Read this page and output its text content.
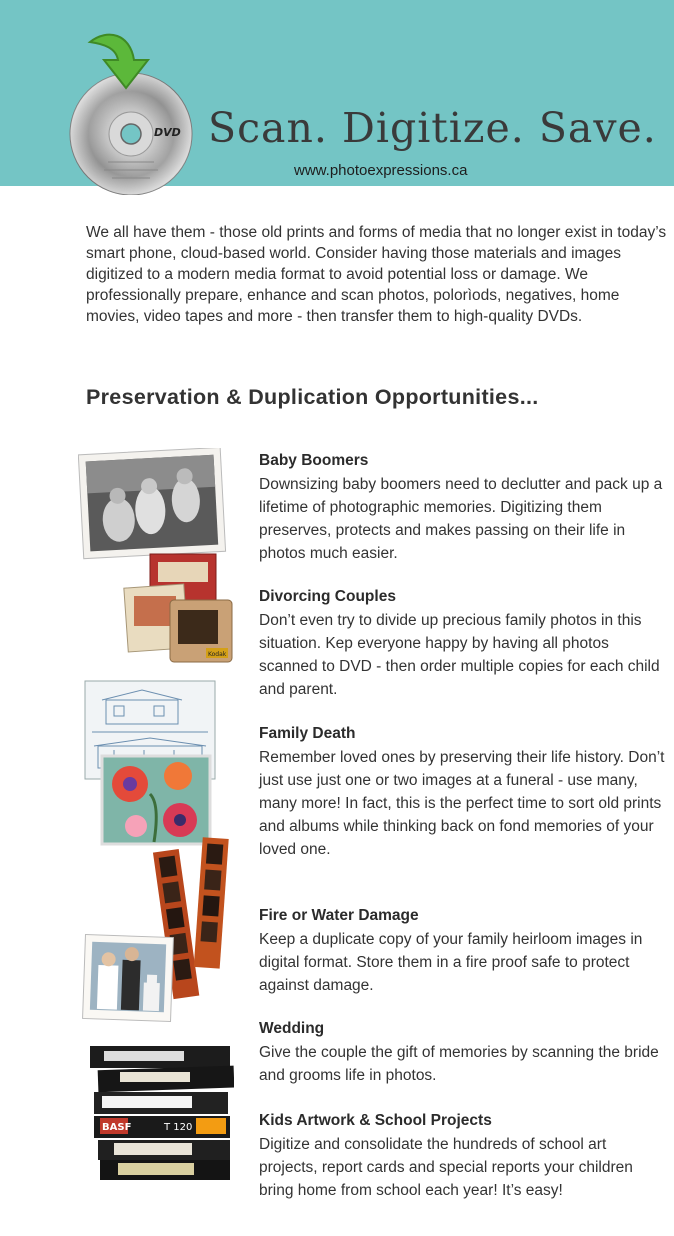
DVD Scan. Digitize. Save.
www.photoexpressions.ca

We all have them - those old prints and forms of media that no longer exist in today’s smart phone, cloud-based world. Consider having those materials and images digitized to a modern media format to avoid potential loss or damage. We professionally prepare, enhance and scan photos, polorìods, negatives, home movies, video tapes and more - then transfer them to high-quality DVDs.

Preservation & Duplication Opportunities...
Kodak
BASF	T 120
Baby Boomers

Downsizing baby boomers need to declutter and pack up a lifetime of photographic memories. Digitizing them preserves, protects and makes passing on their life in photos much easier.

Divorcing Couples

Don’t even try to divide up precious family photos in this situation. Kep everyone happy by having all photos scanned to DVD - then order multiple copies for each child and parent.

Family Death

Remember loved ones by preserving their life history. Don’t just use just one or two images at a funeral - use many, many more! In fact, this is the perfect time to sort old prints and albums while thinking back on fond memories of your loved one.

Fire or Water Damage

Keep a duplicate copy of your family heirloom images in digital format. Store them in a fire proof safe to protect against damage.

Wedding

Give the couple the gift of memories by scanning the bride and grooms life in photos.

Kids Artwork & School Projects

Digitize and consolidate the hundreds of school art projects, report cards and special reports your children bring home from school each year! It’s easy!
